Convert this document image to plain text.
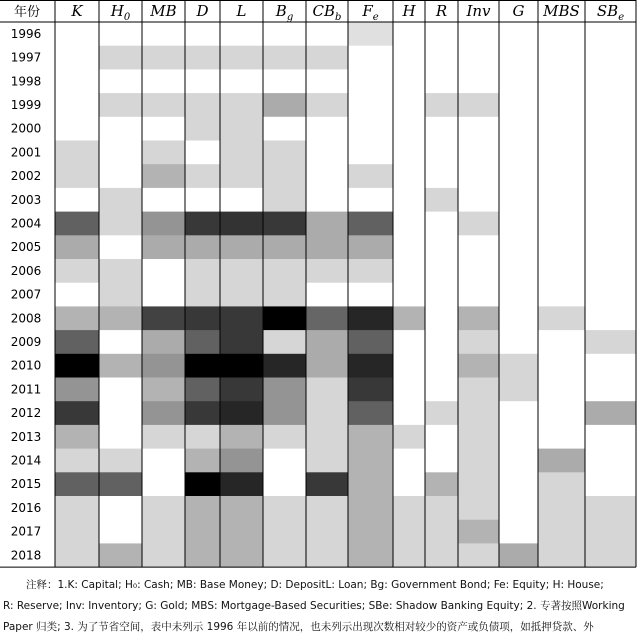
年份 K $H_0$ MB D L $B_g$ $CB_b$ $F_e$ H R Inv G MBS $SB_e$
1996
1997
1998
1999
2000
2001
2002
2003
2004
2005
2006
2007
2008
2009
2010
2011
2012
2013
2014
2015
2016
2017
2018
注释：1.K: Capital; H₀: Cash; MB: Base Money; D: DepositL: Loan; Bg: Government Bond; Fe: Equity; H: House;
R: Reserve; Inv: Inventory; G: Gold; MBS: Mortgage-Based Securities; SBe: Shadow Banking Equity; 2. 专著按照Working
Paper 归类; 3. 为了节省空间，表中未列示 1996 年以前的情况，也未列示出现次数相对较少的资产或负债项，如抵押贷款、外
